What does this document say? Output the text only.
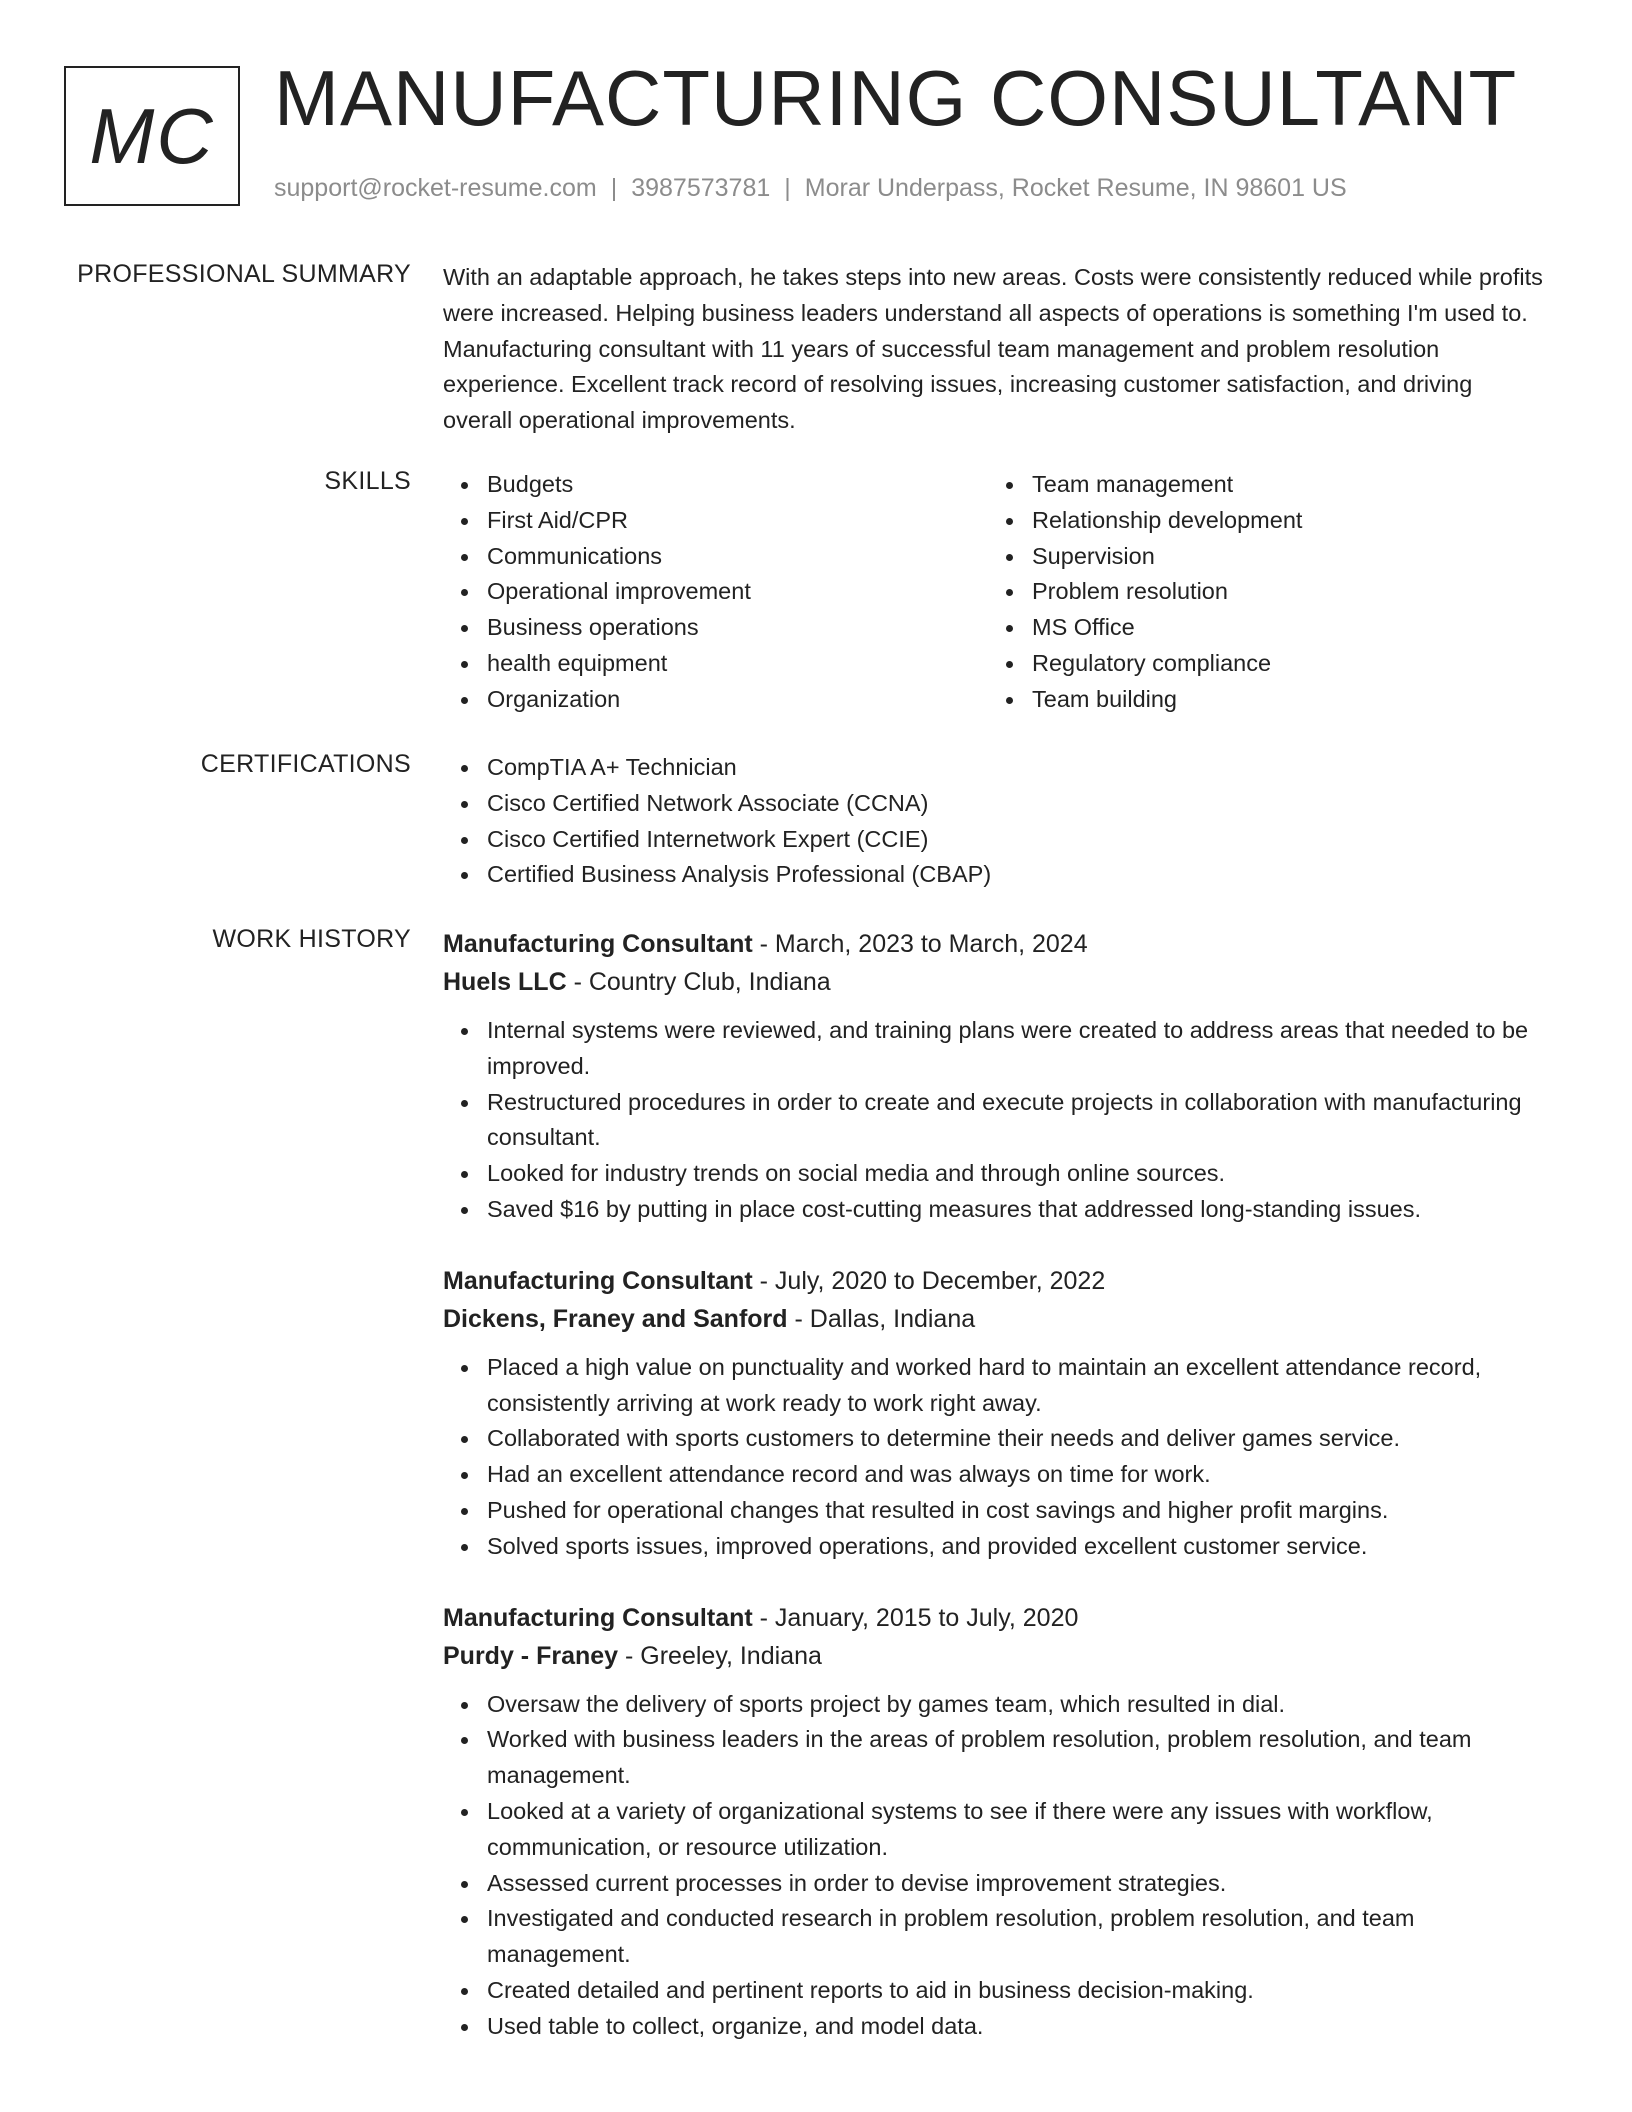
MC MANUFACTURING CONSULTANT
support@rocket-resume.com | 3987573781 | Morar Underpass, Rocket Resume, IN 98601 US
PROFESSIONAL SUMMARY With an adaptable approach, he takes steps into new areas. Costs were consistently reduced while profits were increased. Helping business leaders understand all aspects of operations is something I'm used to. Manufacturing consultant with 11 years of successful team management and problem resolution experience. Excellent track record of resolving issues, increasing customer satisfaction, and driving overall operational improvements.

SKILLS	Budgets
First Aid/CPR
Communications
Operational improvement
Business operations
health equipment
Organization
Team management
Relationship development
Supervision
Problem resolution
MS Office
Regulatory compliance
Team building
CERTIFICATIONS	CompTIA A+ Technician
Cisco Certified Network Associate (CCNA)
Cisco Certified Internetwork Expert (CCIE)
Certified Business Analysis Professional (CBAP)
WORK HISTORY Manufacturing Consultant - March, 2023 to March, 2024
Huels LLC - Country Club, Indiana
Internal systems were reviewed, and training plans were created to address areas that needed to be improved.
Restructured procedures in order to create and execute projects in collaboration with manufacturing consultant.
Looked for industry trends on social media and through online sources.
Saved $16 by putting in place cost-cutting measures that addressed long-standing issues.
Manufacturing Consultant - July, 2020 to December, 2022
Dickens, Franey and Sanford - Dallas, Indiana
Placed a high value on punctuality and worked hard to maintain an excellent attendance record, consistently arriving at work ready to work right away.
Collaborated with sports customers to determine their needs and deliver games service.
Had an excellent attendance record and was always on time for work.
Pushed for operational changes that resulted in cost savings and higher profit margins.
Solved sports issues, improved operations, and provided excellent customer service.
Manufacturing Consultant - January, 2015 to July, 2020
Purdy - Franey - Greeley, Indiana
Oversaw the delivery of sports project by games team, which resulted in dial.
Worked with business leaders in the areas of problem resolution, problem resolution, and team management.
Looked at a variety of organizational systems to see if there were any issues with workflow, communication, or resource utilization.
Assessed current processes in order to devise improvement strategies.
Investigated and conducted research in problem resolution, problem resolution, and team management.
Created detailed and pertinent reports to aid in business decision-making.
Used table to collect, organize, and model data.
